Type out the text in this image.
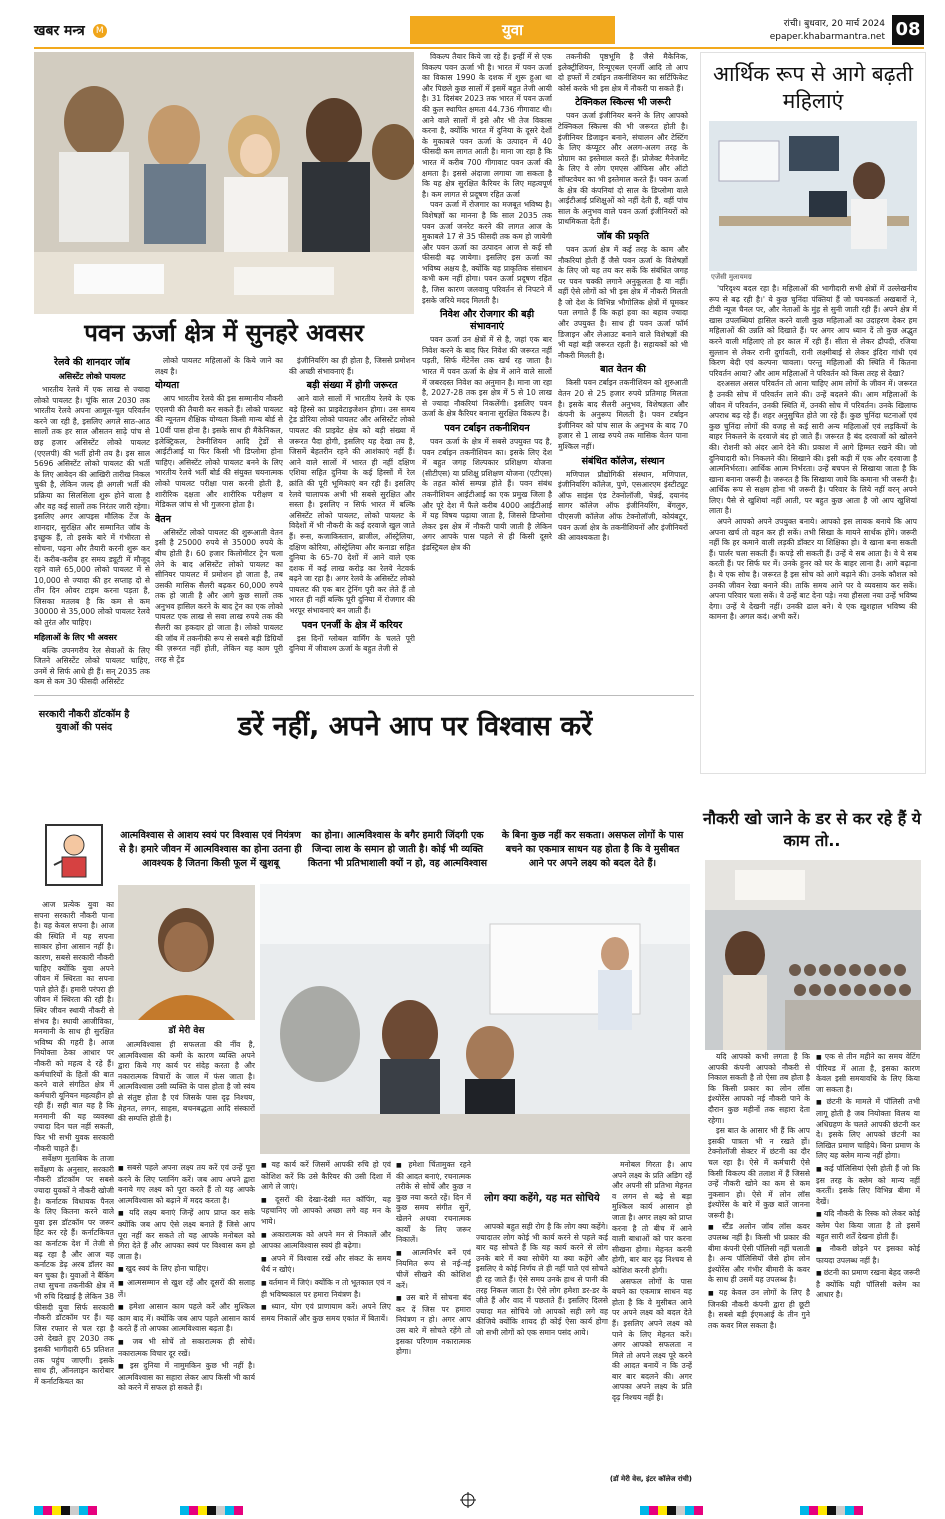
खबर मन्त्र M	युवा	रांची। बुधवार, 20 मार्च 2024
epaper.khabarmantra.net 08
पवन ऊर्जा क्षेत्र में सुनहरे अवसर
रेलवे की शानदार जॉब
असिस्टेंट लोको पायलट

भारतीय रेलवे में एक लाख से ज्यादा लोको पायलट है। चूंकि साल 2030 तक भारतीय रेलवे अपना आमूल-चूल परिवर्तन करने जा रही है, इसलिए अगले साठ-आठ सालों तक हर साल औसतन साढ़े पांच से छह हजार असिस्टेंट लोको पायलट (एएलपी) की भर्ती होनी तय है। इस साल 5696 असिस्टेंट लोको पायलट की भर्ती के लिए आवेदन की आखिरी तारीख निकल चुकी है, लेकिन जल्द ही अगली भर्ती की प्रक्रिया का सिलसिला शुरू होने वाला है और वह कई सालों तक निरंतर जारी रहेगा। इसलिए अगर आपइस मौलिक टेंज के शानदार, सुरक्षित और सम्मानित जॉब के इच्छुक हैं, तो इसके बारे में गंभीरता से सोचना, पढ़ना और तैयारी करनी शुरू कर दें। करीब-करीब हर समय ड्यूटी में मौजूद रहने वाले 65,000 लोको पायलट में से 10,000 से ज्यादा की हर सप्ताह दो से तीन दिन ओवर टाइम करना पड़ता है, जिसका मतलब है कि कम से कम 30000 से 35,000 लोको पायलट रेलवे को तुरंत और चाहिए।

महिलाओं के लिए भी अवसर

बल्कि उपनगरीय रेल सेवाओं के लिए जितने असिस्टेंट लोको पायलट चाहिए, उनमें से सिर्फ आधे ही हैं। सन् 2035 तक कम से कम 30 फीसदी असिस्टेंट

लोको पायलट महिलाओं के किये जाने का लक्ष्य है।

योग्यता

आप भारतीय रेलवे की इस सम्मानीय नौकरी एएलपी की तैयारी कर सकते हैं। लोको पायलट की न्यूनतम शैक्षिक योग्यता किसी मान्य बोर्ड से 10वीं पास होना है। इसके साथ ही मैकेनिकल, इलेक्ट्रिकल, टेक्नीशियन आदि ट्रेडों से आईटीआई या फिर किसी भी डिप्लोमा होना चाहिए। असिस्टेंट लोको पायलट बनने के लिए भारतीय रेलवे भर्ती बोर्ड की संयुक्त चयनात्मक लोको पायलट परीक्षा पास करनी होती है, शारीरिक दक्षता और शारीरिक परीक्षण व मेडिकल जांच से भी गुजरना होता है।

वेतन

असिस्टेंट लोको पायलट की शुरूआती वेतन इसी है 25000 रुपये से 35000 रुपये के बीच होती है। 60 हजार किलोमीटर ट्रेन चला लेने के बाद असिस्टेंट लोको पायलट का सीनियर पायलट में प्रमोशन हो जाता है, तब उसकी मासिक सैलरी बढ़कर 60,000 रुपये तक हो जाती है और आगे कुछ सालों तक अनुभव हासिल करने के बाद ट्रेन का एक लोको पायलट एक लाख से सवा लाख रुपये तक की सैलरी का हकदार हो जाता है। लोको पायलट की जॉब में तकनीकी रूप से सबसे बड़ी डिग्रियों की ज़रूरत नहीं होती, लेकिन यह काम पूरी तरह से ट्रेंड

इंजीनियरिंग का ही होता है, जिससे प्रमोशन की अच्छी संभावनाएं हैं।

बड़ी संख्या में होगी जरूरत

आने वाले सालों में भारतीय रेलवे के एक बड़े हिस्से का प्राइवेटाइजेशन होगा। उस समय ट्रेड डोरिया लोको पायलट और असिस्टेंट लोको पायलट की प्राइवेट क्षेत्र को बड़ी संख्या में जरूरत पैदा होगी, इसलिए यह देखा तय है, जिसमें बेहतरीन रहने की आशंकाएं नहीं हैं। आने वाले सालों में भारत ही नहीं दक्षिण एशिया सहित दुनिया के कई हिस्सों में रेल क्रांति की पूरी भूमिकाएं बन रही हैं। इसलिए रेलवे चालापक अभी भी सबसे सुरक्षित और सस्ता है। इसलिए न सिर्फ भारत में बल्कि असिस्टेंट लोको पायलट, लोको पायलट के विदेशों में भी नौकरी के कई दरवाजे खुल जाते हैं। रूस, कजाकिस्तान, ब्राजील, ऑस्ट्रेलिया, दक्षिण कोरिया, ऑस्ट्रेलिया और कनाडा सहित दुनिया के 65-70 देशों में आने वाले एक दशक में कई लाख करोड़ का रेलवे नेटवर्क बढ़ने जा रहा है। अगर रेलवे के असिस्टेंट लोको पायलट की एक बार ट्रेनिंग पूरी कर लेते हैं तो भारत ही नहीं बल्कि पूरी दुनिया में रोजगार की भरपूर संभावनाएं बन जाती हैं।

पवन एनर्जी के क्षेत्र में करियर

इस दिनों ग्लोबल वार्मिंग के चलते पूरी दुनिया में जीवाश्म ऊर्जा के बहुत तेजी से

विकल्प तैयार किये जा रहे हैं। इन्हीं में से एक विकल्प पवन ऊर्जा भी है। भारत में पवन ऊर्जा का विकास 1990 के दशक में शुरू हुआ था और पिछले कुछ सालों में इसमें बहुत तेजी आयी है। 31 दिसंबर 2023 तक भारत में पवन ऊर्जा की कुल स्थापित क्षमता 44.736 गीगावाट थी। आने वाले सालों में इसे और भी तेज विकास करना है, क्योंकि भारत में दुनिया के दूसरे देशों के मुकाबले पवन ऊर्जा के उत्पादन में 40 फीसदी कम लागत आती है। माना जा रहा है कि भारत में करीब 700 गीगावाट पवन ऊर्जा की क्षमता है। इससे अंदाजा लगाया जा सकता है कि यह क्षेत्र सुरक्षित कैरियर के लिए महत्वपूर्ण है। कम लागत से प्रदूषण रहित ऊर्जा

पवन ऊर्जा में रोजगार का मजबूत भविष्य है। विशेषज्ञों का मानना है कि साल 2035 तक पवन ऊर्जा जनरेट करने की लागत आज के मुकाबले 17 से 35 फीसदी तक कम हो जायेगी और पवन ऊर्जा का उत्पादन आज से कई सौ फीसदी बढ़ जायेगा। इसलिए इस ऊर्जा का भविष्य अक्षय है, क्योंकि यह प्राकृतिक संसाधन कभी कम नहीं होगा। पवन ऊर्जा प्रदूषण रहित है, जिस कारण जलवायु परिवर्तन से निपटने में इसके जरिये मदद मिलती है।

निवेश और रोजगार की बड़ी संभावनाएं

पवन ऊर्जा उन क्षेत्रों में से है, जहां एक बार निवेश करने के बाद फिर निवेश की जरूरत नहीं पड़ती, सिर्फ मेंटेनेंस तक खर्च रह जाता है। भारत में पवन ऊर्जा के क्षेत्र में आने वाले सालों में जबरदस्त निवेश का अनुमान है। माना जा रहा है, 2027-28 तक इस क्षेत्र में 5 से 10 लाख से ज्यादा नौकरियां निकलेंगी। इसलिए पवन ऊर्जा के क्षेत्र कैरियर बनाना सुरक्षित विकल्प है।

पवन टर्बाइन तकनीशियन

पवन ऊर्जा के क्षेत्र में सबसे उपयुक्त पद है, पवन टर्बाइन तकनीशियन का। इसके लिए देश में बहुत जगह शिल्पकार प्रशिक्षण योजना (सीटीएस) या प्रशिक्षु प्रशिक्षण योजना (एटीएस) के तहत कोर्स सम्पन्न होते हैं। पवन संबंध तकनीशियन आईटीआई का एक प्रमुख जिला है और पूरे देश में फैले करीब 4000 आईटीआई में यह विषय पढ़ाया जाता है, जिससे डिप्लोमा लेकर इस क्षेत्र में नौकरी पायी जाती है लेकिन अगर आपके पास पहले से ही किसी दूसरे इंडस्ट्रियल क्षेत्र की

तकनीकी पृष्ठभूमि है जैसे मैकेनिक, इलेक्ट्रीशियन, रिन्यूएबल एनर्जी आदि तो आप दो हफ्तों में टर्बाइन तकनीशियन का सर्टिफिकेट कोर्स करके भी इस क्षेत्र में नौकरी पा सकते हैं।

टेक्निकल स्किल्स भी जरूरी

पवन ऊर्जा इंजीनियर बनने के लिए आपको टेक्निकल स्किल्स की भी जरूरत होती है। इंजीनियर डिजाइन बनाने, संचालन और टेस्टिंग के लिए कंप्यूटर और अलग-अलग तरह के प्रोग्राम का इस्तेमाल करते हैं। प्रोजेक्ट मैनेजमेंट के लिए वे लोग एमएस ऑफिस और ऑटो सॉफ्टवेयर का भी इस्तेमाल करते हैं। पवन ऊर्जा के क्षेत्र की कंपनियां दो साल के डिप्लोमा वाले आईटीआई प्रशिक्षुओं को नहीं देती हैं, वहीं पांच साल के अनुभव वाले पवन ऊर्जा इंजीनियरों को प्राथमिकता देती हैं।

जॉब की प्रकृति

पवन ऊर्जा क्षेत्र में कई तरह के काम और नौकरियां होती हैं जैसे पवन ऊर्जा के विशेषज्ञों के लिए जो यह तय कर सकें कि संबंधित जगह पर पवन चक्की लगाने अनुकूलता है या नहीं। वहीं ऐसे लोगों को भी इस क्षेत्र में नौकरी मिलती है जो देश के विभिन्न भौगोलिक क्षेत्रों में घूमकर पता लगाते हैं कि कहां हवा का बहाव ज्यादा और उपयुक्त है। साथ ही पवन ऊर्जा फॉर्म डिजाइन और लेआउट बनाने वाले विशेषज्ञों की भी यहां बड़ी जरूरत रहती है। सहायकों को भी नौकरी मिलती है।

बात वेतन की

किसी पवन टर्बाइन तकनीशियन को शुरुआती वेतन 20 से 25 हजार रुपये प्रतिमाह मिलता है। इसके बाद सैलरी अनुभव, विशेषज्ञता और कंपनी के अनुरूप मिलती है। पवन टर्बाइन इंजीनियर को पांच साल के अनुभव के बाद 70 हजार से 1 लाख रुपये तक मासिक वेतन पाना मुश्किल नहीं।

संबंधित कॉलेज, संस्थान

मणिपाल प्रौद्योगिकी संस्थान, मणिपाल, इंजीनियरिंग कॉलेज, पुणे, एसआरएम इंस्टीट्यूट ऑफ साइंस एंड टेक्नोलॉजी, चेन्नई, दयानंद सागर कॉलेज ऑफ इंजीनियरिंग, बेंगलुरु, पीएसजी कॉलेज ऑफ टेक्नोलॉजी, कोयंबटूर, पवन ऊर्जा क्षेत्र के तकनीशियनों और इंजीनियरों की आवश्यकता है।

आर्थिक रूप से आगे बढ़ती महिलाएं
एजेंसी मुलायमग्र

'परिदृश्य बदल रहा है। महिलाओं की भागीदारी सभी क्षेत्रों में उल्लेखनीय रूप से बढ़ रही है।' ये कुछ चुनिंदा पंक्तियां हैं जो चयनकर्ता अखबारों ने, टीवी न्यूज चैनल पर, और नेताओं के मुंह से सुनी जाती रही हैं। अपने क्षेत्र में खास उपलब्धियां हासिल करने वाली कुछ महिलाओं का उदाहरण देकर हम महिलाओं की उन्नति को दिखाते हैं। पर अगर आप ध्यान दें तो कुछ अद्भुत करने वाली महिलाएं तो हर काल में रही हैं। सीता से लेकर द्रौपदी, रजिया सुल्तान से लेकर रानी दुर्गावती, रानी लक्ष्मीबाई से लेकर इंदिरा गांधी एवं किरण बेदी एवं कल्पना चावला। परन्तु महिलाओं की स्थिति में कितना परिवर्तन आया? और आम महिलाओं ने परिवर्तन को किस तरह से देखा?

दरअसल असल परिवर्तन तो आना चाहिए आम लोगों के जीवन में। जरूरत है उनकी सोच में परिवर्तन लाने की। उन्हें बदलने की। आम महिलाओं के जीवन में परिवर्तन, उनकी स्थिति में, उनकी सोच में परिवर्तन। उनके खिलाफ अपराध बढ़ रहे हैं। शहर अनुसुचित होते जा रहे हैं। कुछ चुनिंदा घटनाओं एवं कुछ चुनिंदा लोगों की वजह से कई सारी अन्य महिलाओं एवं लड़कियों के बाहर निकलने के दरवाजे बंद हो जाते हैं। जरूरत है बंद दरवाजों को खोलने की। रोशनी को अंदर आने देने की। प्रकाश में आगे हिम्मत रखने की। जो दुनियादारी को। निकलने की। सिखाने की। इसी कड़ी में एक और दरवाजा है आत्मनिर्भरता। आर्थिक आत्म निर्भरता। उन्हें बचपन से सिखाया जाता है कि खाना बनाना जरूरी है। जरूरत है कि सिखाया जाये कि कमाना भी जरूरी है। आर्थिक रूप से सक्षम होना भी जरूरी है। परिवार के लिये नहीं वरन् अपने लिए। पैसे से खुशियां नहीं आती, पर बहुत कुछ आता है जो आप खुशियां लाता है।

अपने आपको अपने उपयुक्त बनाये। आपको इस लायक बनाये कि आप अपना खर्च तो वहन कर ही सकें। तभी सिखा के मायने सार्थक होंगे। जरूरी नहीं कि हर कमाने वाली लड़की डॉक्टर या शिक्षिका हो। वे खाना बना सकती हैं। पार्लर चला सकती हैं। कपड़े सी सकती हैं। उन्हें ये सब आता है। वे ये सब करती हैं। पर सिर्फ घर में। उनके हुनर को घर के बाहर लाना है। आगे बढ़ाना है। ये एक सोच है। जरूरत है इस सोच को आगे बढ़ाने की। उनके कौशल को उनकी जीवन रेखा बनाने की। ताकि समय आने पर वे व्यवसाय कर सकें। अपना परिवार चला सकें। वे उन्हें बाट देना पड़े। नया हौसला नया उन्हें भविष्य देगा। उन्हें ये देखनी नहीं। उनकी ढाल बने। ये एक खुशहाल भविष्य की कामना है। अगल कदं। अभी करें।

सरकारी नौकरी डॉटकॉम है युवाओं की पसंद	डरें नहीं, अपने आप पर विश्वास करें
आत्मविश्वास से आशय स्वयं पर विश्वास एवं नियंत्रण से है। हमारे जीवन में आत्मविश्वास का होना उतना ही आवश्यक है जितना किसी फूल में खुशबू
का होना। आत्मविश्वास के बगैर हमारी जिंदगी एक जिन्दा लाश के समान हो जाती है। कोई भी व्यक्ति कितना भी प्रतिभाशाली क्यों न हो, वह आत्मविश्वास
के बिना कुछ नहीं कर सकता। असफल लोगों के पास बचने का एकमात्र साधन यह होता है कि वे मुसीबत आने पर अपने लक्ष्य को बदल देते हैं।

आज प्रत्येक युवा का सपना सरकारी नौकरी पाना है। वह केवल सपना है। आज की स्थिति में यह सपना साकार होना आसान नहीं है। कारण, सबसे सरकारी नौकरी चाहिए क्योंकि युवा अपने जीवन में स्थिरता का सपना पाले होते हैं। हमारी परंपरा ही जीवन में स्थिरता की रही है। स्थिर जीवन स्थायी नौकरी से संभव है। स्थायी आजीविका, मनमानी के साथ ही सुरक्षित भविष्य की गहरी है। आज नियोक्ता ठेका आधार पर नौकरी को महत्व दे रहे हैं। कर्मचारियों के हितों की बात करने वाले संगठित क्षेत्र में कर्मचारी यूनियन महत्वहीन हो रही हैं। सही बात यह है कि मनमानी की यह व्यवस्था ज्यादा दिन चल नहीं सकती, फिर भी सभी युवक सरकारी नौकरी चाहते हैं।

सर्वेक्षण मुताबिक के ताजा सर्वेक्षण के अनुसार, सरकारी नौकरी डॉटकॉम पर सबसे ज्यादा युवकों ने नौकरी खोजी है। कर्नाटक विधायक पैनल के लिए कितना करने वाले युवा इस डॉटकॉम पर जरूर हिट कर रहे हैं। कर्नाटकियत का कर्नाटक देश में तेजी से बढ़ रहा है और आज यह कर्नाटक डेढ़ अरब डॉलर का बन चुका है। युवाओं ने बैंकिंग तथा सुचना तकनीकी क्षेत्र में भी रुचि दिखाई है लेकिन 38 फीसदी युवा सिर्फ सरकारी नौकरी डॉटकॉम पर हैं। यह जिस रफ्तार से चल रहा है उसे देखते हुए 2030 तक इसकी भागीदारी 65 प्रतिशत तक पहुंच जाएगी। इसके साथ ही, ऑनलाइन कारोबार में कर्नाटकियत का

डॉ मेरी वेस

आत्मविश्वास ही सफलता की नींव है, आत्मविश्वास की कमी के कारण व्यक्ति अपने द्वारा किये गए कार्य पर संदेह करता है और नकारात्मक विचारों के जाल में फंस जाता है। आत्मविश्वास उसी व्यक्ति के पास होता है जो स्वंय से संतुष्ट होता है एवं जिसके पास दृढ़ निश्चय, मेहनत, लगन, साहस, बचनबद्धता आदि संस्कारों की सम्पत्ति होती है।

■ सबसे पहले अपना लक्ष्य तय करें एवं उन्हें पूरा करने के लिए प्लानिंग करें। जब आप अपने द्वारा बनाये गए लक्ष्य को पूरा करते हैं तो यह आपके आत्मविश्वास को बढ़ाने में मदद करता है।
■ यदि लक्ष्य बनाएं जिन्हें आप प्राप्त कर सके क्योंकि जब आप ऐसे लक्ष्य बनाते हैं जिसे आप पूरा नहीं कर सकते तो यह आपके मनोबल को गिरा देते हैं और आपका स्वयं पर विश्वास कम हो जाता है।
■ खुद स्वयं के लिए होना चाहिए।
■ आत्मसम्मान से खुश रहें और दूसरों की सलाह लें।
■ हमेशा आसान काम पहले करें और मुश्किल काम बाद में। क्योंकि जब आप पहले आसान कार्य करते हैं तो आपका आत्मविश्वास बढ़ता है।
■ जब भी सोचें तो सकारात्मक ही सोचें। नकारात्मक विचार दूर रखें।
■ इस दुनिया में नामुमकिन कुछ भी नहीं है। आत्मविश्वास का सहारा लेकर आप किसी भी कार्य को करने में सफल हो सकते हैं।
■ यह कार्य करें जिसमें आपकी रुचि हो एवं कोशिश करें कि उसे कैरियर की उसी दिशा में आगे ले जाएं।
■ दूसरों की देखा-देखी मत कॉपिंग, यह पहचानिए जो आपको अच्छा लगे वह मन के भाये।
■ अकारात्मक को अपने मन से निकालें और आपका आत्मविश्वास स्वयं ही बढ़ेगा।
■ अपने में विश्वास रखें और संकट के समय धैर्य न खोएं।
■ वर्तमान में जिएं। क्योंकि न तो भूतकाल एवं न ही भविष्यकाल पर हमारा नियंत्रण है।
■ ध्यान, योग एवं प्राणायाम करें। अपने लिए समय निकालें और कुछ समय एकांत में बितायें।
■ हमेशा चिंतामुक्त रहने की आदत बनाएं, रचनात्मक तरीके से सोचें और कुछ न कुछ नया करते रहें। दिन में कुछ समय संगीत सुनें, खेलने अथवा रचनात्मक कार्यों के लिए जरूर निकालें।
■ आत्मनिर्भर बनें एवं नियमित रूप से नई-नई चीजें सीखने की कोशिश करें।
■ उस बारे में सोचना बंद कर दें जिस पर हमारा नियंत्रण न हो। अगर आप उस बारे में सोचते रहेंगे तो इसका परिणाम नकारात्मक होगा।
लोग क्या कहेंगे, यह मत सोचिये

आपको बहुत सही रोग है कि लोग क्या कहेंगे। ज्यादातर लोग कोई भी कार्य करने से पहले कई बार यह सोचते हैं कि यह कार्य करने से लोग उनके बारे में क्या सोचेंगे या क्या कहेंगे और इसलिए वे कोई निर्णय ले ही नहीं पाते एवं सोचते ही रह जाते हैं। ऐसे समय उनके हाथ से पानी की तरह निकल जाता है। ऐसे लोग हमेशा डर-डर के जीते हैं और वाद में पछताते हैं। इसलिए दिलसे ज्यादा मत सोचिये जो आपको सही लगे वह कीजिये क्योंकि शायद ही कोई ऐसा कार्य होगा जो सभी लोगों को एक समान पसंद आये।

मनोबल गिरता है। आप अपने लक्ष्य के प्रति अडिग रहें और अपनी सी प्रतिभा मेहनत व लगन से बढ़े से बड़ा मुश्किल कार्य आसान हो जाता है। अगर लक्ष्य को प्राप्त करना है तो बीच में आने वाली बाधाओं को पार करना सीखना होगा। मेहनत करनी होगी, बार बार दृढ़ निश्चय से कोशिश करनी होगी।

असफल लोगों के पास बचने का एकमात्र साधन यह होता है कि वे मुसीबत आने पर अपने लक्ष्य को बदल देते हैं। इसलिए अपने लक्ष्य को पाने के लिए मेहनत करें। अगर आपको सफलता न मिले तो अपने लक्ष्य पूरे करने की आदत बनायें न कि उन्हें बार बार बदलने की। अगर आपका अपने लक्ष्य के प्रति दृढ़ निश्चय नहीं है।

(डॉ मेरी वेस, इंटर कॉलेज रांची)
नौकरी खो जाने के डर से कर रहे हैं ये काम तो..

यदि आपको कभी लगता है कि आपकी कंपनी आपको नौकरी से निकाल सकती है तो ऐसा तब होता है कि किसी प्रकार का लोन लॉस इंश्योरेंस आपको नई नौकरी पाने के दौरान कुछ महीनों तक सहारा देता रहेगा।

इस बात के आसार भी हैं कि आप इसकी पात्रता भी न रखते हों। टेक्नोलॉजी सेक्टर में छंटनी का दौर चल रहा है। ऐसे में कर्मचारी ऐसे किसी विकल्प की तलाश में हैं जिससे उन्हें नौकरी खोने का कम से कम नुकसान हो। ऐसे में लोन लॉस इंश्योरेंस के बारे में कुछ बातें जानना जरूरी है।

■ स्टैंड अलोन जॉब लॉस कवर उपलब्ध नहीं है। किसी भी प्रकार की बीमा कंपनी ऐसी पॉलिसी नहीं चलाती है। अन्य पॉलिसियों जैसे होम लोन इंश्योरेंस और गंभीर बीमारी के कवर के साथ ही उसमें यह उपलब्ध है।
■ यह केवल उन लोगों के लिए है जिनकी नौकरी कंपनी द्वारा ही छूटी है। सबसे बड़ी ईएमआई के तीन गुने तक कवर मिल सकता है।
■ एक से तीन महीने का समय वेटिंग पीरियड में आता है, इसका कारण केवल इसी समयावधि के लिए किया जा सकता है।
■ छंटनी के मामले में पॉलिसी तभी लागू होती है जब नियोक्ता विलय या अधिग्रहण के चलते आपकी छंटनी कर दे। इसके लिए आपको छंटनी का लिखित प्रमाण चाहिये। बिना प्रमाण के लिए यह क्लेम मान्य नहीं होगा।
■ कई पॉलिसियां ऐसी होती हैं जो कि इस तरह के क्लेम को मान्य नहीं करतीं। इसके लिए विभिन्न बीमा में देखें।
■ यदि नौकरी के रिस्क को लेकर कोई क्लेम पेश किया जाता है तो इसमें बहुत सारी शर्तें देखना होती हैं।
■ नौकरी छोड़ने पर इसका कोई फायदा उपलब्ध नहीं है।
■ छंटनी का प्रमाण रखना बेहद जरूरी है क्योंकि यही पॉलिसी क्लेम का आधार है।
